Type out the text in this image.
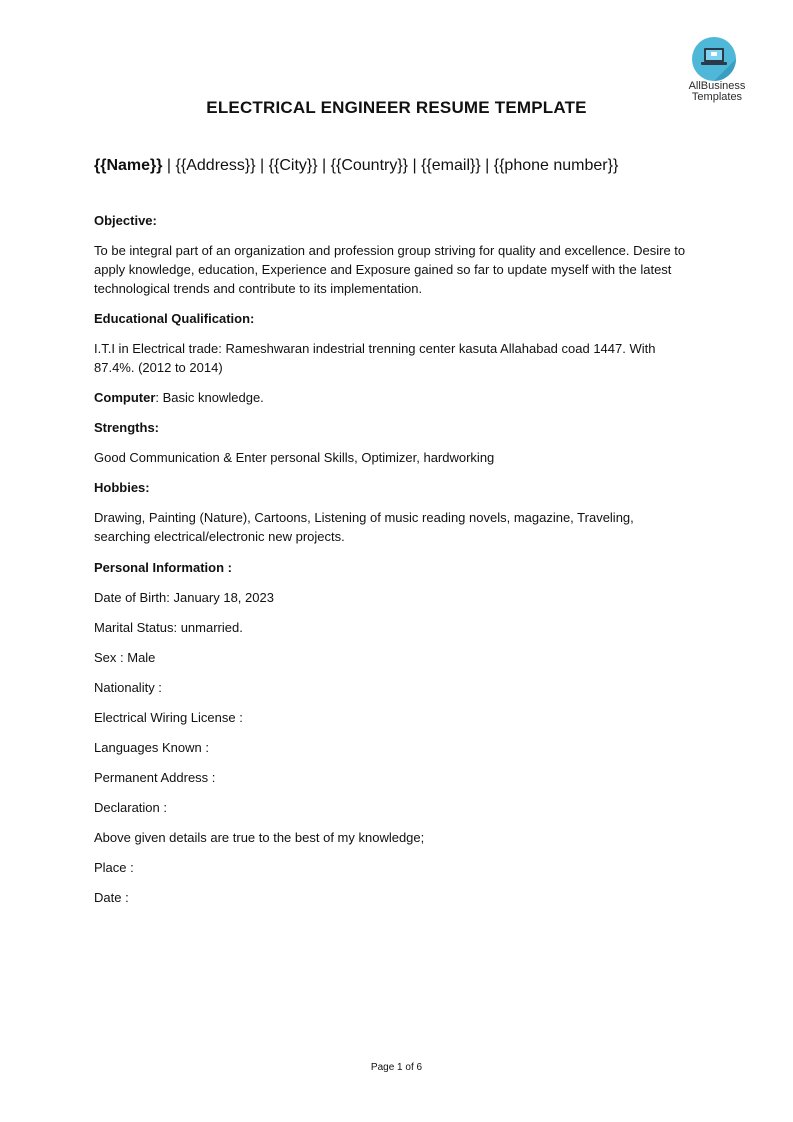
AllBusiness
Templates
ELECTRICAL ENGINEER RESUME TEMPLATE
{{Name}} | {{Address}} | {{City}} | {{Country}} | {{email}} | {{phone number}}
Objective:
To be integral part of an organization and profession group striving for quality and excellence. Desire to apply knowledge, education, Experience and Exposure gained so far to update myself with the latest technological trends and contribute to its implementation.
Educational Qualification:
I.T.I in Electrical trade: Rameshwaran indestrial trenning center kasuta Allahabad coad 1447. With 87.4%. (2012 to 2014)
Computer: Basic knowledge.
Strengths:
Good Communication & Enter personal Skills, Optimizer, hardworking
Hobbies:
Drawing, Painting (Nature), Cartoons, Listening of music reading novels, magazine, Traveling, searching electrical/electronic new projects.
Personal Information :
Date of Birth: January 18, 2023
Marital Status: unmarried.
Sex : Male
Nationality :
Electrical Wiring License :
Languages Known :
Permanent Address :
Declaration :
Above given details are true to the best of my knowledge;
Place :
Date :
Page 1 of 6
